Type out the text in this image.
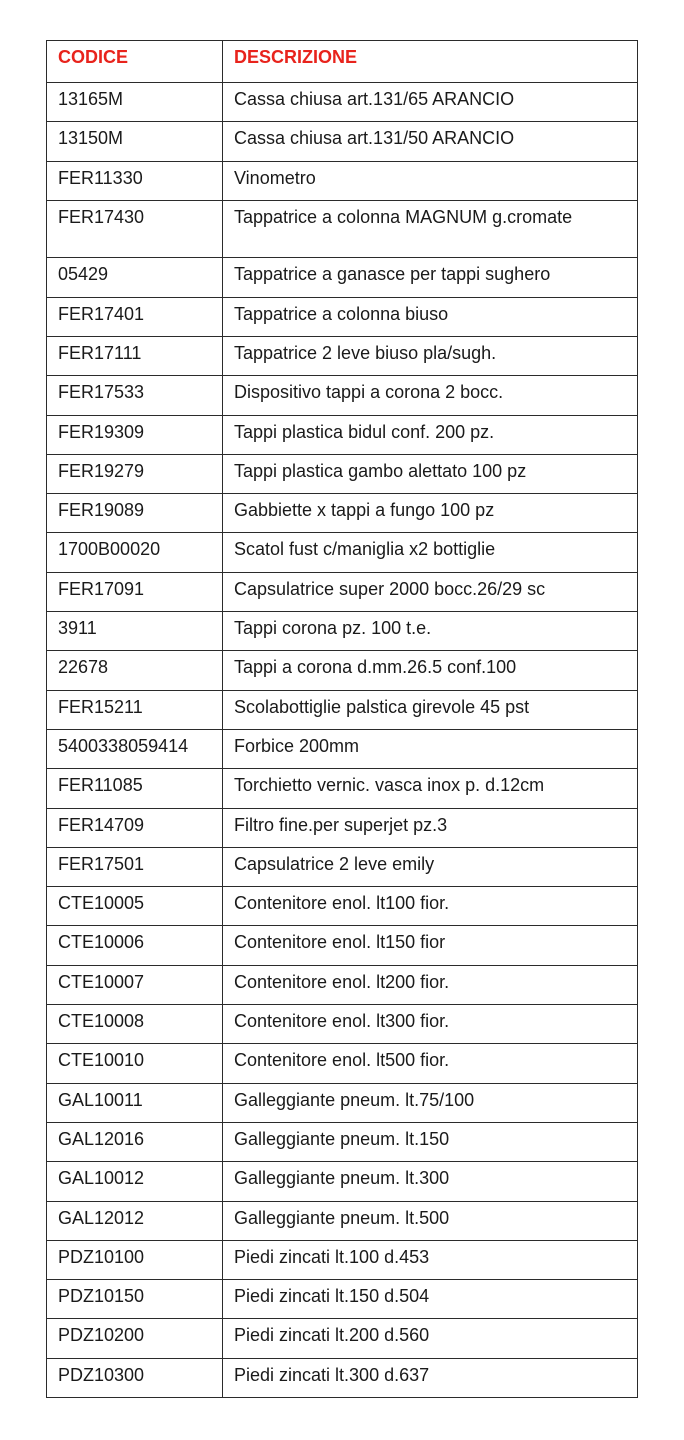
CODICE	DESCRIZIONE
13165M	Cassa chiusa art.131/65 ARANCIO
13150M	Cassa chiusa art.131/50 ARANCIO
FER11330	Vinometro
FER17430	Tappatrice a colonna MAGNUM g.cromate
05429	Tappatrice a ganasce per tappi sughero
FER17401	Tappatrice a colonna biuso
FER17111	Tappatrice 2 leve biuso pla/sugh.
FER17533	Dispositivo tappi a corona 2 bocc.
FER19309	Tappi plastica bidul conf. 200 pz.
FER19279	Tappi plastica gambo alettato 100 pz
FER19089	Gabbiette x tappi a fungo 100 pz
1700B00020	Scatol fust c/maniglia x2 bottiglie
FER17091	Capsulatrice super 2000 bocc.26/29 sc
3911	Tappi corona pz. 100 t.e.
22678	Tappi a corona d.mm.26.5 conf.100
FER15211	Scolabottiglie palstica girevole 45 pst
5400338059414	Forbice 200mm
FER11085	Torchietto vernic. vasca inox p. d.12cm
FER14709	Filtro fine.per superjet pz.3
FER17501	Capsulatrice 2 leve emily
CTE10005	Contenitore enol. lt100 fior.
CTE10006	Contenitore enol. lt150 fior
CTE10007	Contenitore enol. lt200 fior.
CTE10008	Contenitore enol. lt300 fior.
CTE10010	Contenitore enol. lt500 fior.
GAL10011	Galleggiante pneum. lt.75/100
GAL12016	Galleggiante pneum. lt.150
GAL10012	Galleggiante pneum. lt.300
GAL12012	Galleggiante pneum. lt.500
PDZ10100	Piedi zincati lt.100 d.453
PDZ10150	Piedi zincati lt.150 d.504
PDZ10200	Piedi zincati lt.200 d.560
PDZ10300	Piedi zincati lt.300 d.637
